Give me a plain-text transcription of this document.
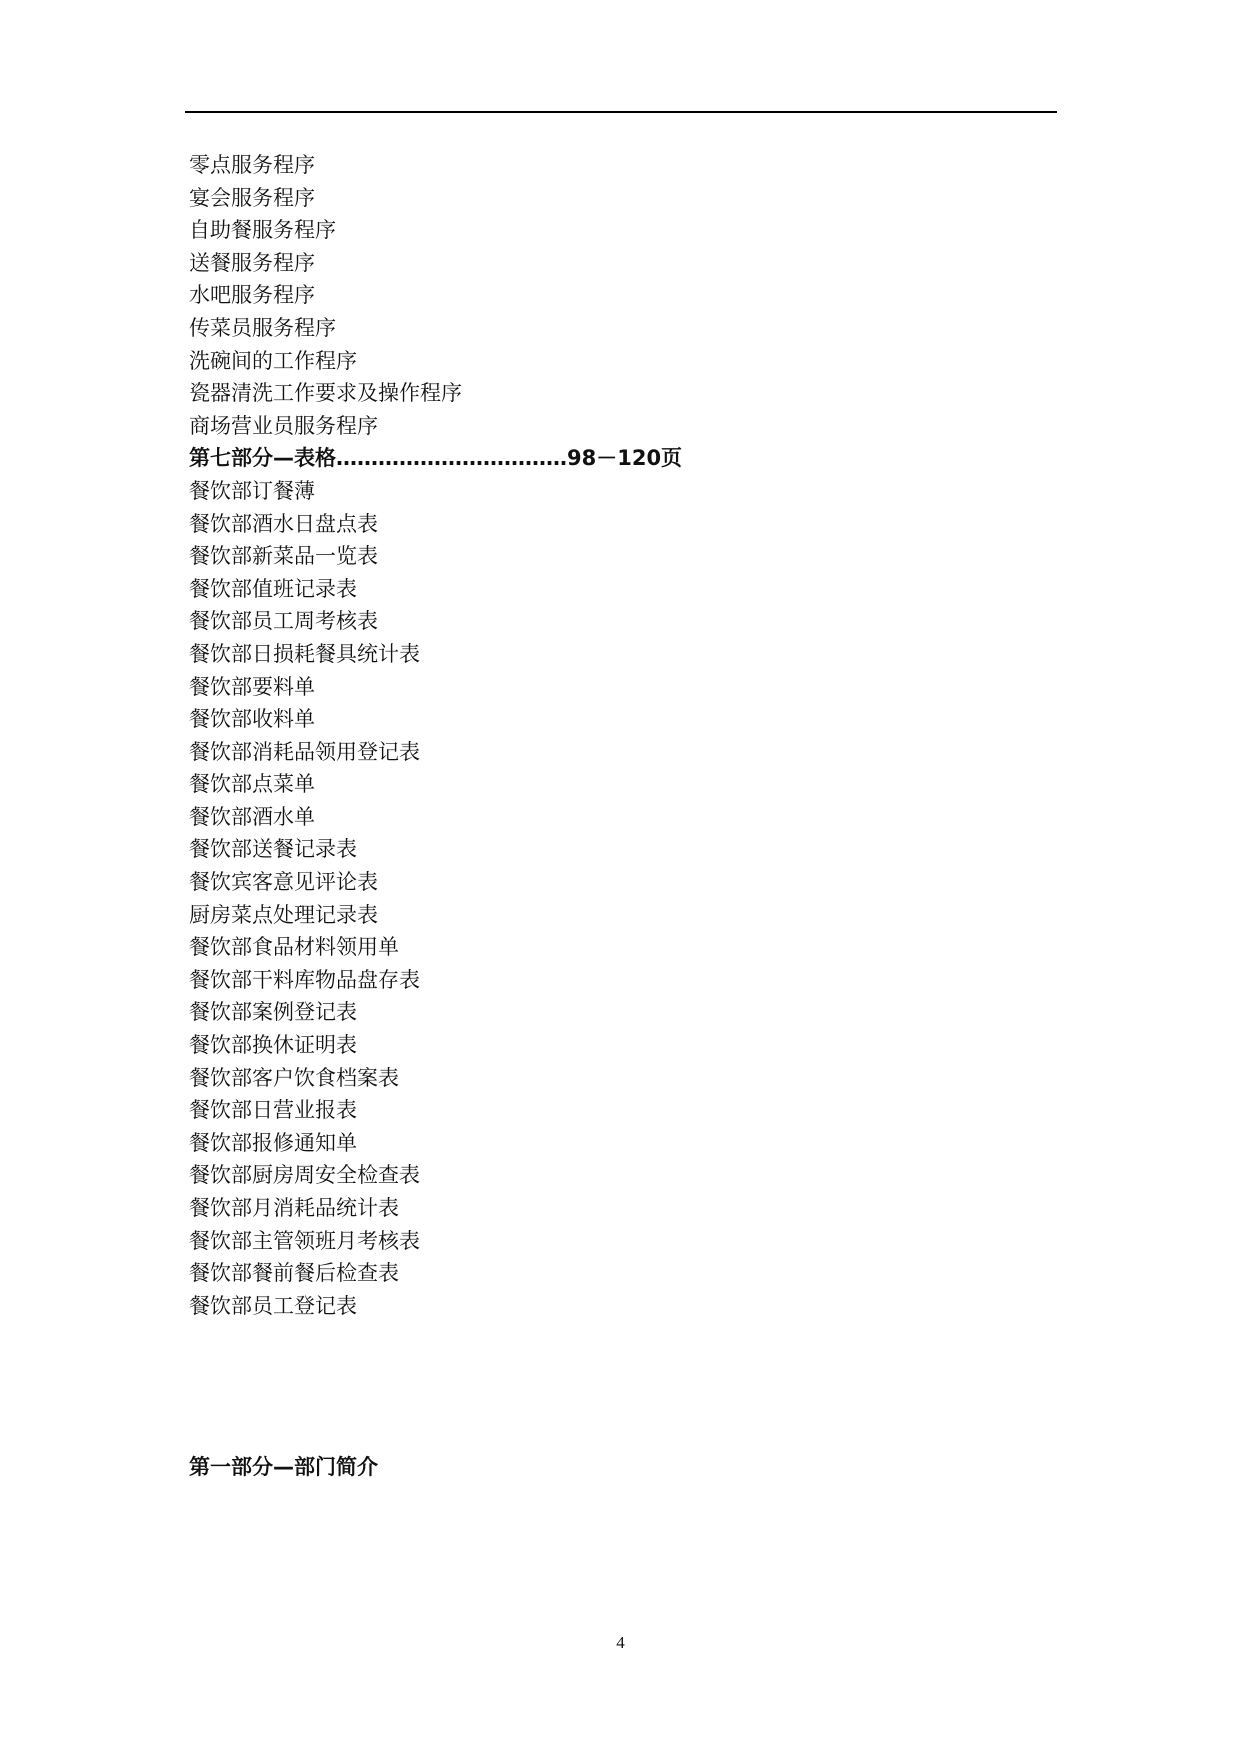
零点服务程序
宴会服务程序
自助餐服务程序
送餐服务程序
水吧服务程序
传菜员服务程序
洗碗间的工作程序
瓷器清洗工作要求及操作程序
商场营业员服务程序
第七部分—表格……………………………98－120页
餐饮部订餐薄
餐饮部酒水日盘点表
餐饮部新菜品一览表
餐饮部值班记录表
餐饮部员工周考核表
餐饮部日损耗餐具统计表
餐饮部要料单
餐饮部收料单
餐饮部消耗品领用登记表
餐饮部点菜单
餐饮部酒水单
餐饮部送餐记录表
餐饮宾客意见评论表
厨房菜点处理记录表
餐饮部食品材料领用单
餐饮部干料库物品盘存表
餐饮部案例登记表
餐饮部换休证明表
餐饮部客户饮食档案表
餐饮部日营业报表
餐饮部报修通知单
餐饮部厨房周安全检查表
餐饮部月消耗品统计表
餐饮部主管领班月考核表
餐饮部餐前餐后检查表
餐饮部员工登记表
第一部分—部门简介
4
